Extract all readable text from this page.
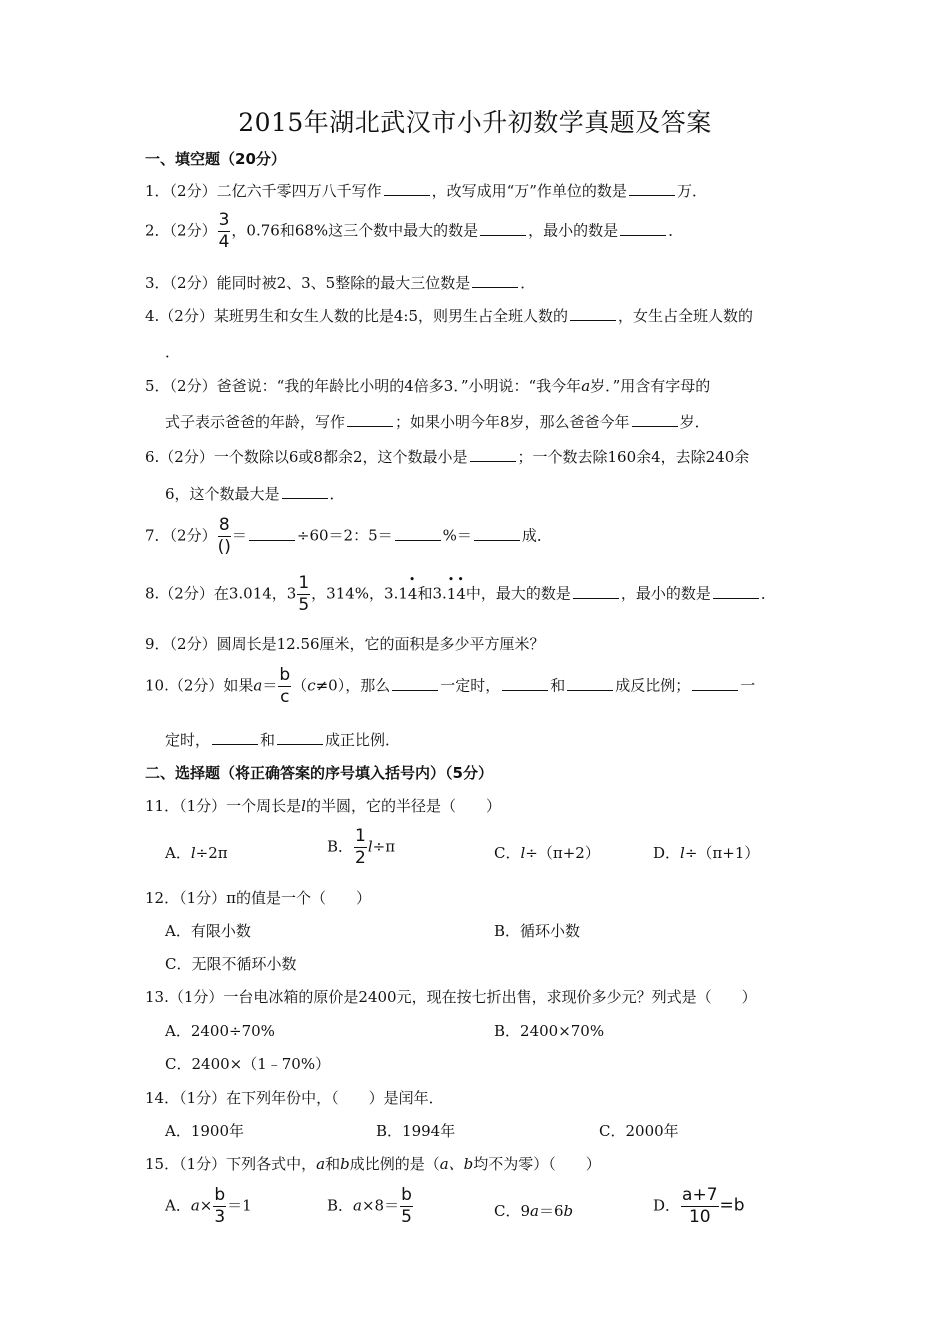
2015年湖北武汉市小升初数学真题及答案
一、填空题（20分）
1．（2分）二亿六千零四万八千写作	，改写成用“万”作单位的数是	万．
2．（2分） $\frac{3}{4}$ ，0.76和68%这三个数中最大的数是	，最小的数是	．
3．（2分）能同时被2、3、5整除的最大三位数是	．
4.（2分）某班男生和女生人数的比是4:5，则男生占全班人数的	，女生占全班人数的
．
5．（2分）爸爸说：“我的年龄比小明的4倍多3．”小明说：“我今年a岁．”用含有字母的
式子表示爸爸的年龄，写作	；如果小明今年8岁，那么爸爸今年	岁．
6.（2分）一个数除以6或8都余2，这个数最小是	；一个数去除160余4，去除240余
6，这个数最大是	．
7．（2分） $\frac{8}{()}$ ＝	÷60＝2：5＝	%＝	成．
8.（2分）在3.014，$3 \frac{1}{5}$ ，314%，3.1• 4和3.• 1• 4中，最大的数是	，最小的数是	．
9．（2分）圆周长是12.56厘米，它的面积是多少平方厘米？
10.（2分）如果$a= \frac{b}{c} (c\ne 0)$，那么	一定时，	和	成反比例；	一
定时，	和	成正比例．
二、选择题（将正确答案的序号填入括号内）（5分）
11．（1分）一个周长是l的半圆，它的半径是（　　）
A．l÷2π	B． $\frac{1}{2} l\div\pi$	C．l÷（π+2）	D．l÷（π+1）
12．（1分）π的值是一个（　　）
A．有限小数	B．循环小数
C．无限不循环小数
13.（1分）一台电冰箱的原价是2400元，现在按七折出售，求现价多少元？列式是（　　）
A．2400÷70%	B．2400×70%
C．2400×（1﹣70%）
14．（1分）在下列年份中，（　　）是闰年．
A．1900年	B．1994年	C．2000年
15．（1分）下列各式中，a和b成比例的是（a、b均不为零）（　　）
A．$a\times \frac{b}{3} =1$	B．$a\times 8= \frac{b}{5}$	C．9a＝6b	D． $\frac{a+7}{10} =b$
